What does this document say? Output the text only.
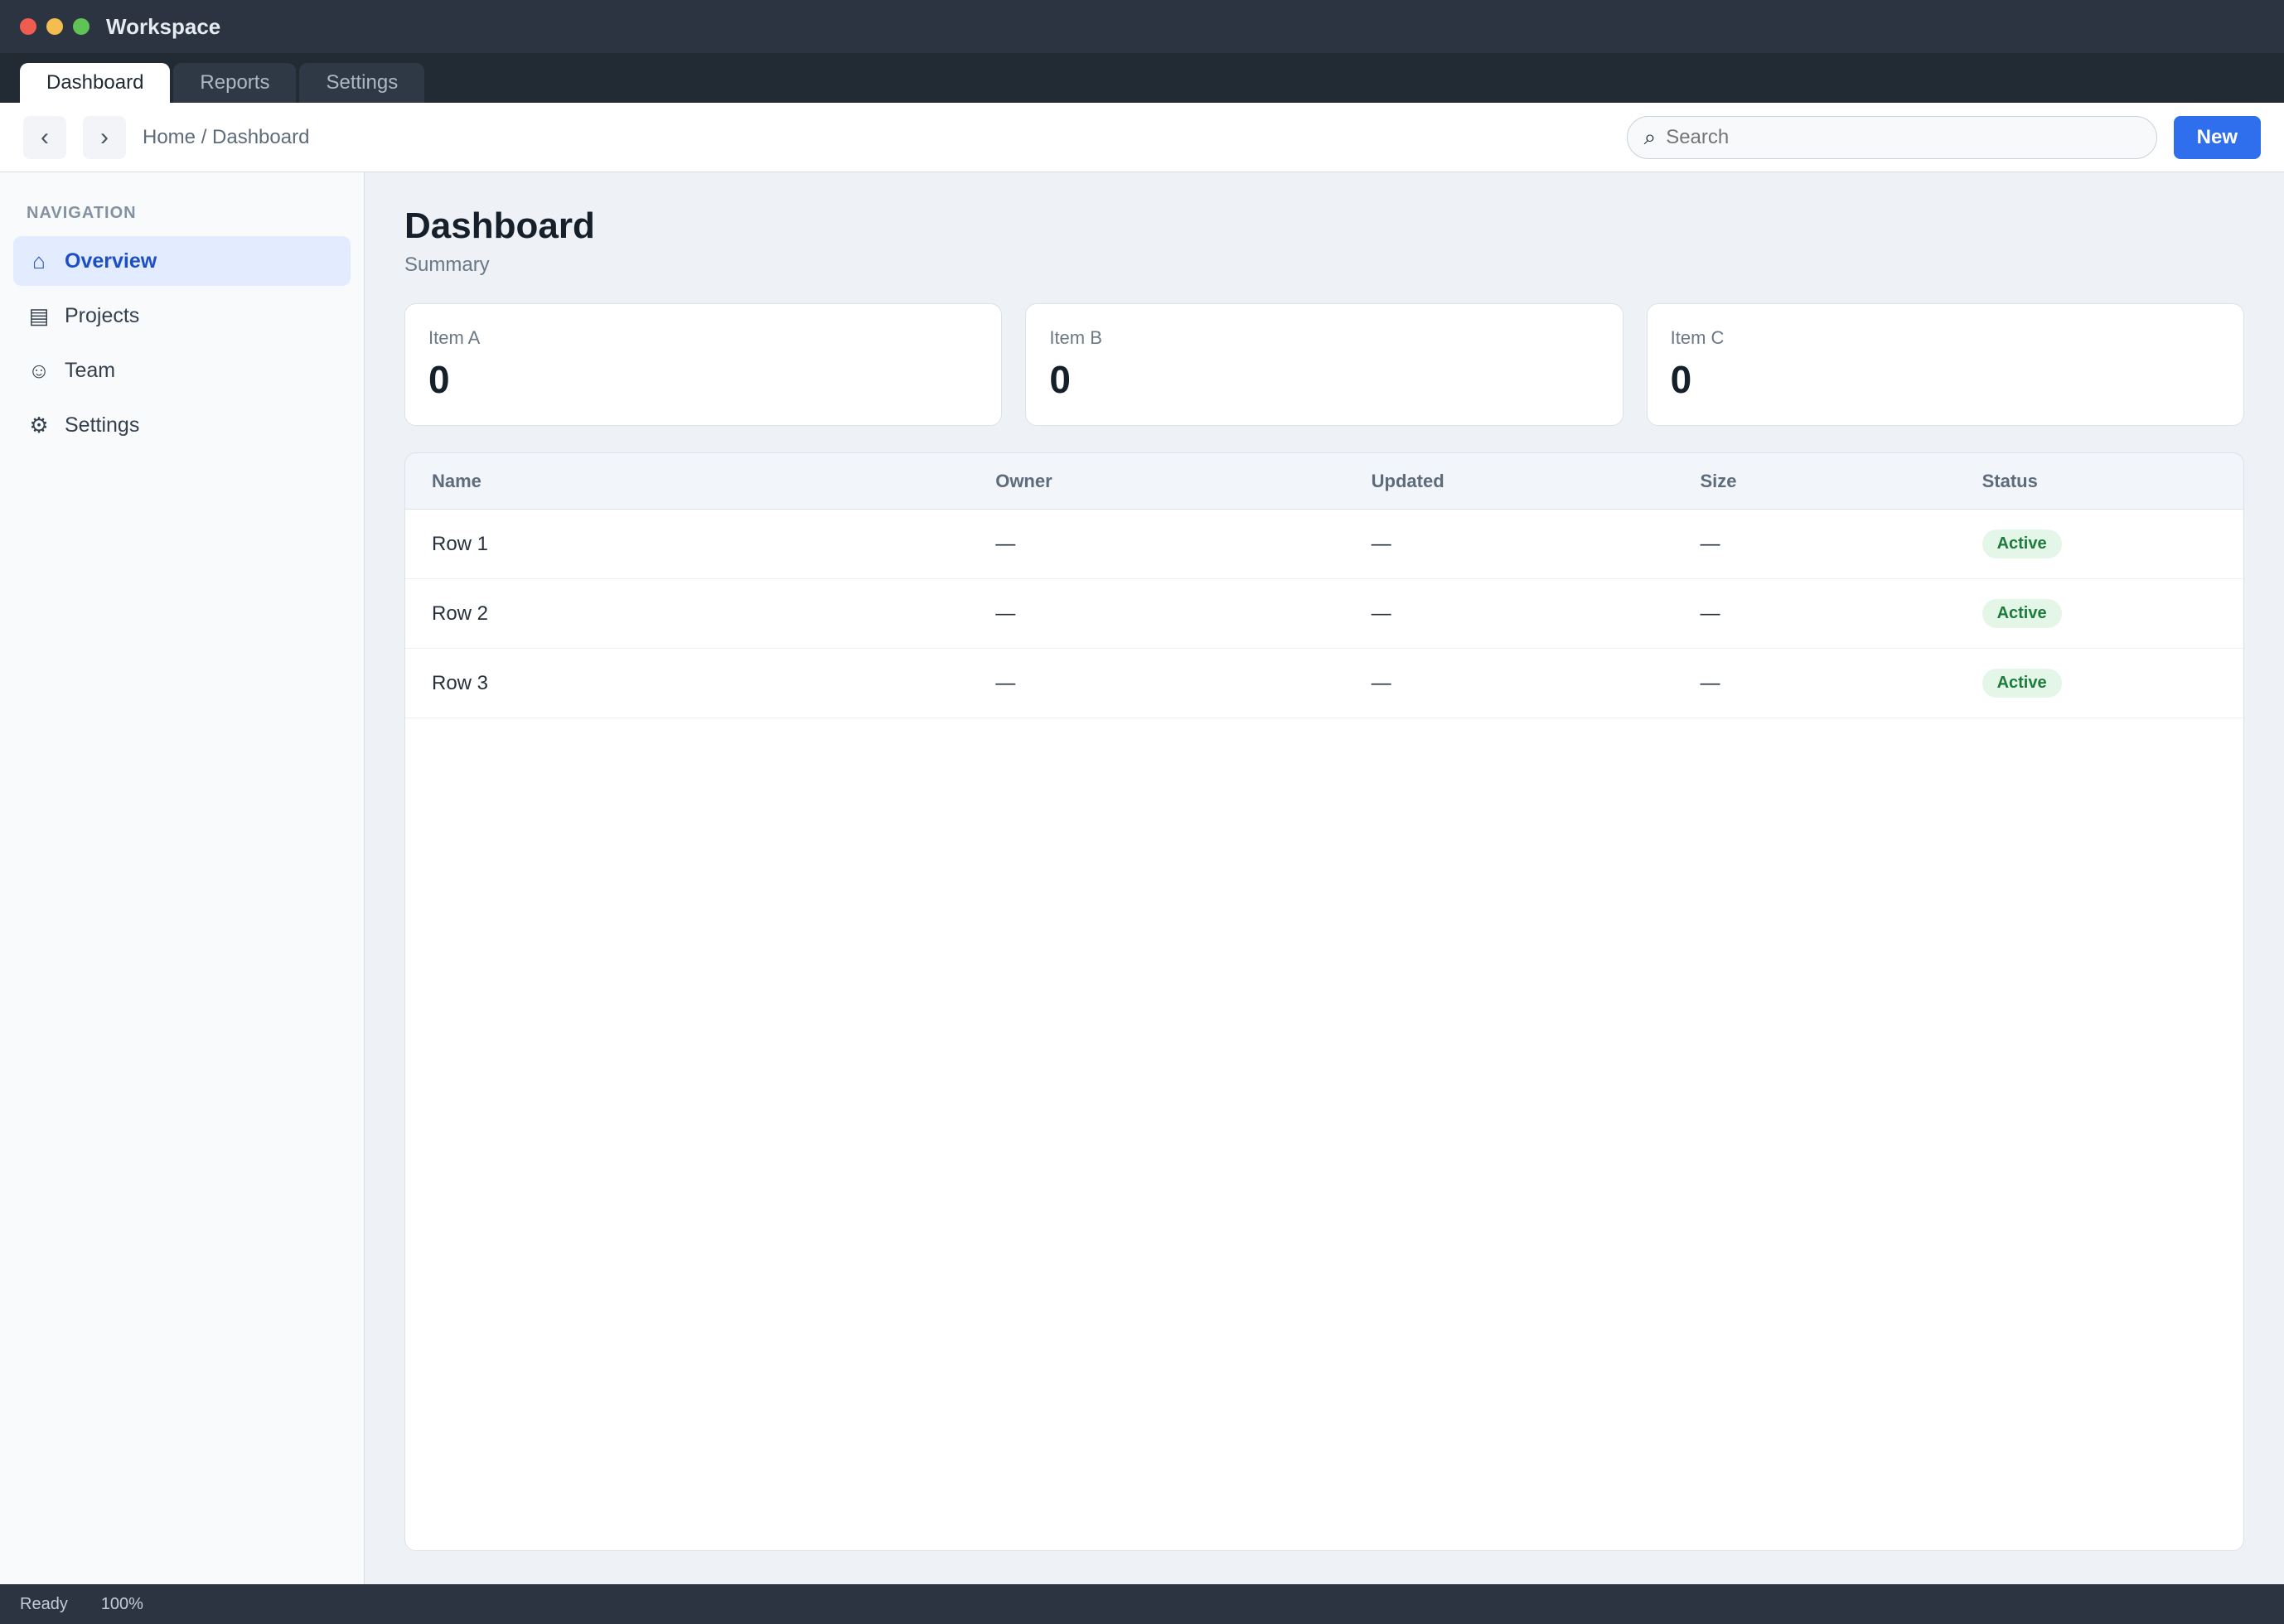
Workspace
Dashboard	Reports	Settings
‹ › Home / Dashboard	⌕
Search	New
NAVIGATION
⌂ Overview
▤ Projects
☺ Team
⚙ Settings
Dashboard
Summary
Item A
0
Item B
0
Item C
0
Name	Owner	Updated	Size	Status
Row 1	—	—	—	Active
Row 2	—	—	—	Active
Row 3	—	—	—	Active
Ready 100%
